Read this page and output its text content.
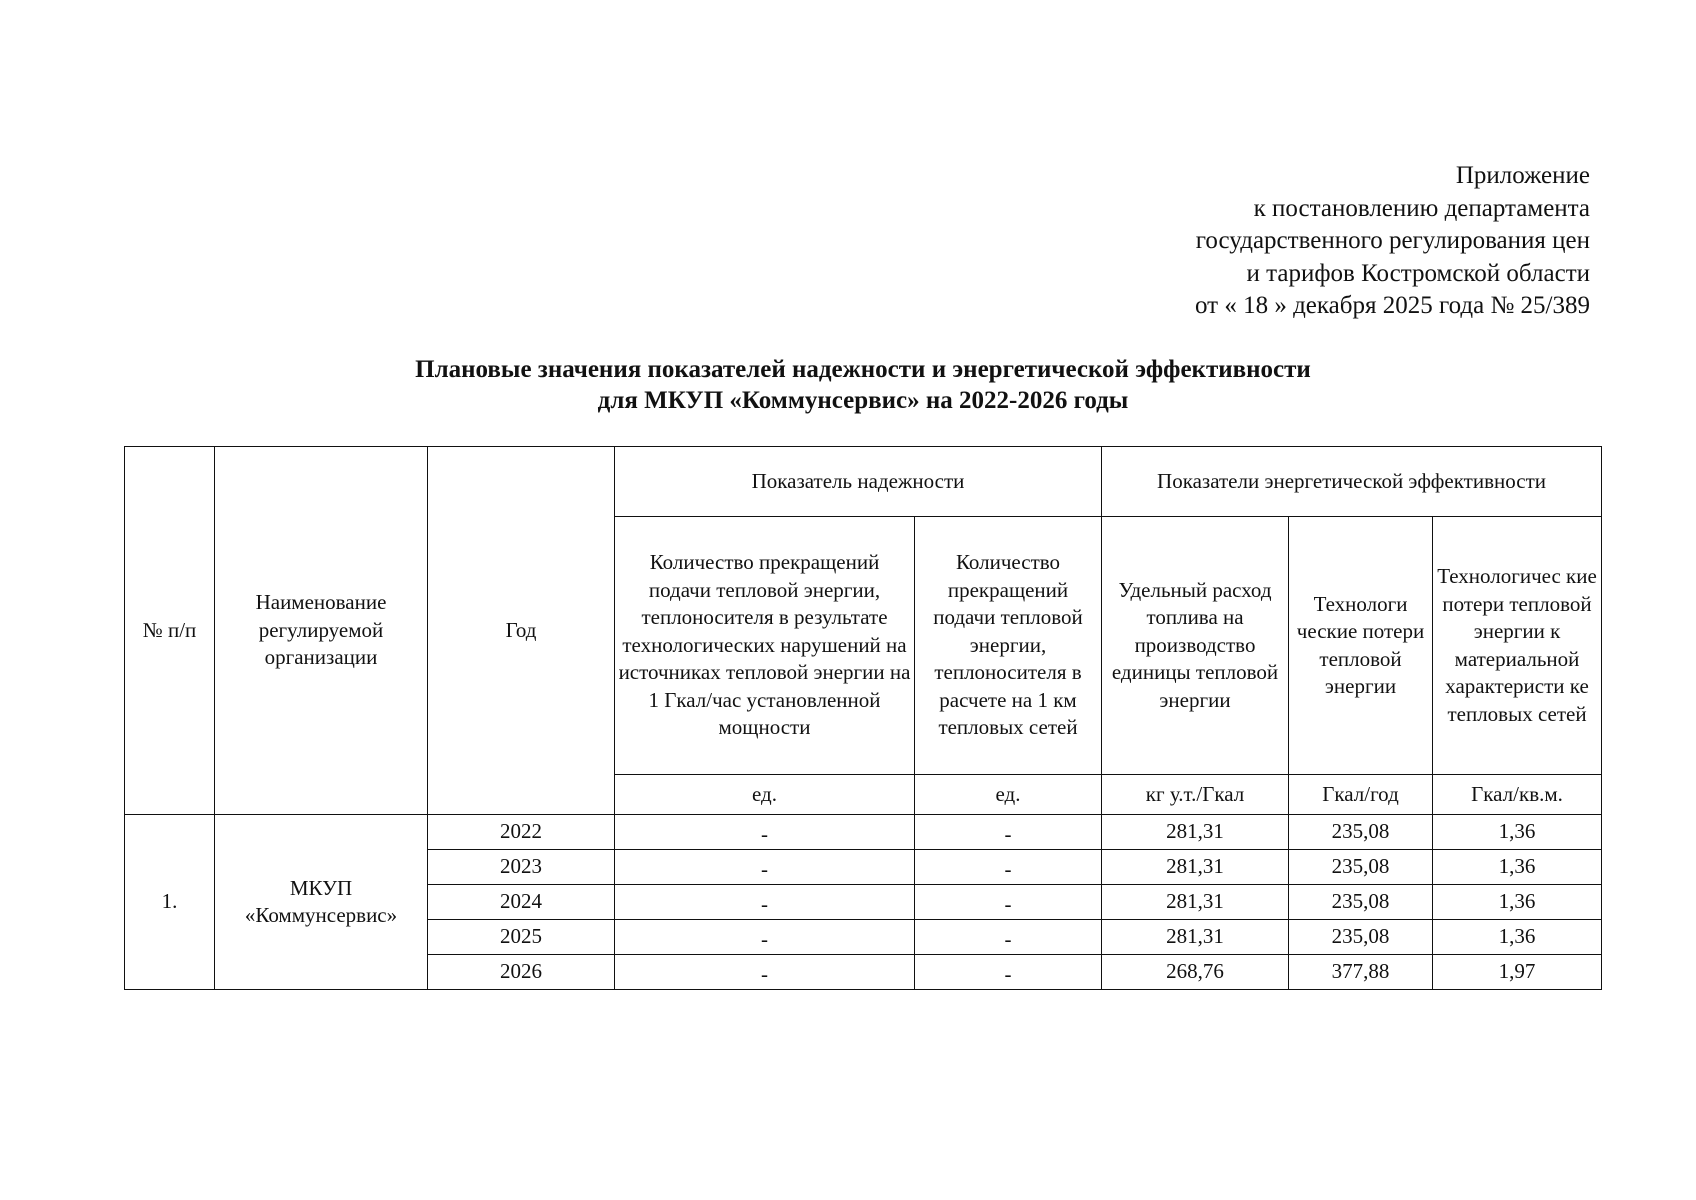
Приложение
к постановлению департамента
государственного регулирования цен
и тарифов Костромской области
от « 18 » декабря 2025 года № 25/389
Плановые значения показателей надежности и энергетической эффективности
для МКУП «Коммунсервис» на 2022-2026 годы
№ п/п	Наименование регулируемой организации	Год	Показатель надежности		Показатели энергетической эффективности		
			Количество прекращений подачи тепловой энергии, теплоносителя в результате технологических нарушений на источниках тепловой энергии на 1 Гкал/час установленной мощности	Количество прекращений подачи тепловой энергии, теплоносителя в расчете на 1 км тепловых сетей	Удельный расход топлива на производство единицы тепловой энергии	Технологи ческие потери тепловой энергии	Технологичес кие потери тепловой энергии к материальной характеристи ке тепловых сетей
			ед.	ед.	кг у.т./Гкал	Гкал/год	Гкал/кв.м.
1.	МКУП «Коммунсервис»	2022	-	-	281,31	235,08	1,36
		2023	-	-	281,31	235,08	1,36
		2024	-	-	281,31	235,08	1,36
		2025	-	-	281,31	235,08	1,36
		2026	-	-	268,76	377,88	1,97
